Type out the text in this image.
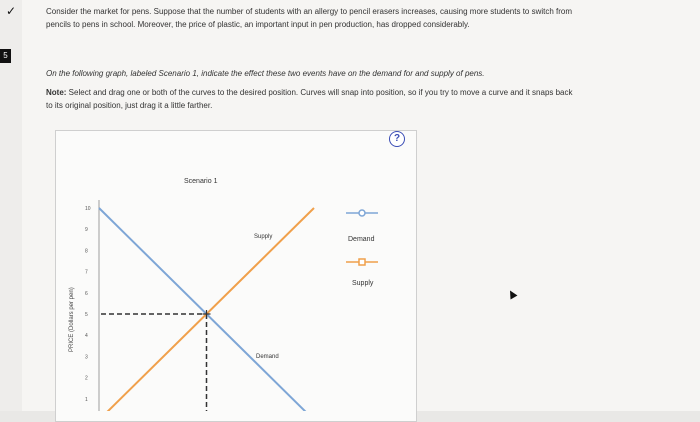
✓
5
Consider the market for pens. Suppose that the number of students with an allergy to pencil erasers increases, causing more students to switch from
pencils to pens in school. Moreover, the price of plastic, an important input in pen production, has dropped considerably.
On the following graph, labeled Scenario 1, indicate the effect these two events have on the demand for and supply of pens.
Note: Select and drag one or both of the curves to the desired position. Curves will snap into position, so if you try to move a curve and it snaps back
to its original position, just drag it a little farther.
?
Scenario 1
10
9
8
7
6
5
4
3
2
1
PRICE (Dollars per pen)
Supply
Demand
Demand
Supply
